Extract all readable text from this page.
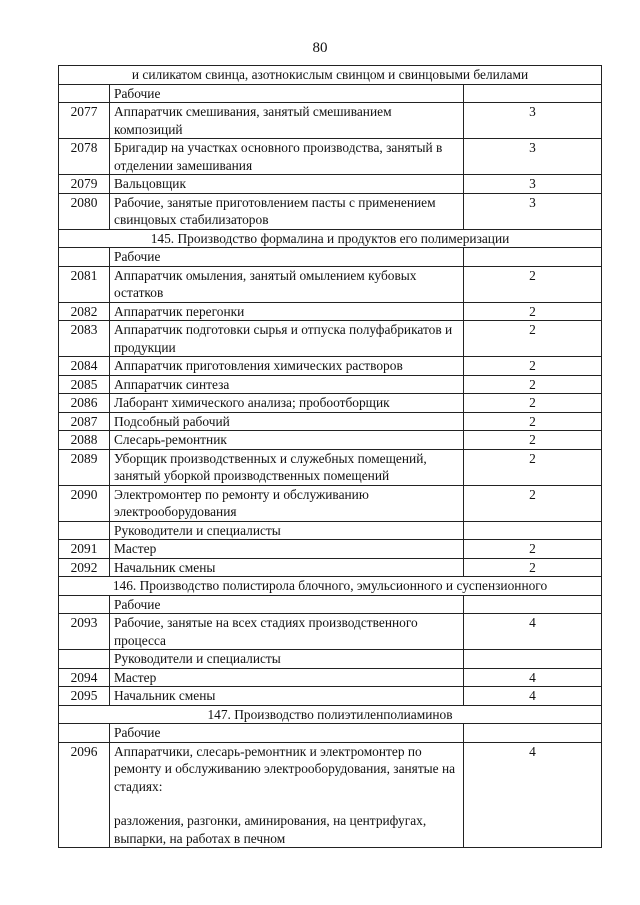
80
и силикатом свинца, азотнокислым свинцом и свинцовыми белилами		
	Рабочие	
2077	Аппаратчик смешивания, занятый смешиванием композиций	3
2078	Бригадир на участках основного производства, занятый в отделении замешивания	3
2079	Вальцовщик	3
2080	Рабочие, занятые приготовлением пасты с применением свинцовых стабилизаторов	3
145. Производство формалина и продуктов его полимеризации		
	Рабочие	
2081	Аппаратчик омыления, занятый омылением кубовых остатков	2
2082	Аппаратчик перегонки	2
2083	Аппаратчик подготовки сырья и отпуска полуфабрикатов и продукции	2
2084	Аппаратчик приготовления химических растворов	2
2085	Аппаратчик синтеза	2
2086	Лаборант химического анализа; пробоотборщик	2
2087	Подсобный рабочий	2
2088	Слесарь-ремонтник	2
2089	Уборщик производственных и служебных помещений, занятый уборкой производственных помещений	2
2090	Электромонтер по ремонту и обслуживанию электрооборудования	2
	Руководители и специалисты	
2091	Мастер	2
2092	Начальник смены	2
146. Производство полистирола блочного, эмульсионного и суспензионного		
	Рабочие	
2093	Рабочие, занятые на всех стадиях производственного процесса	4
	Руководители и специалисты	
2094	Мастер	4
2095	Начальник смены	4
147. Производство полиэтиленполиаминов		
	Рабочие	
2096	Аппаратчики, слесарь-ремонтник и электромонтер по ремонту и обслуживанию электрооборудования, занятые на стадиях:
разложения, разгонки, аминирования, на центрифугах, выпарки, на работах в печном	4
